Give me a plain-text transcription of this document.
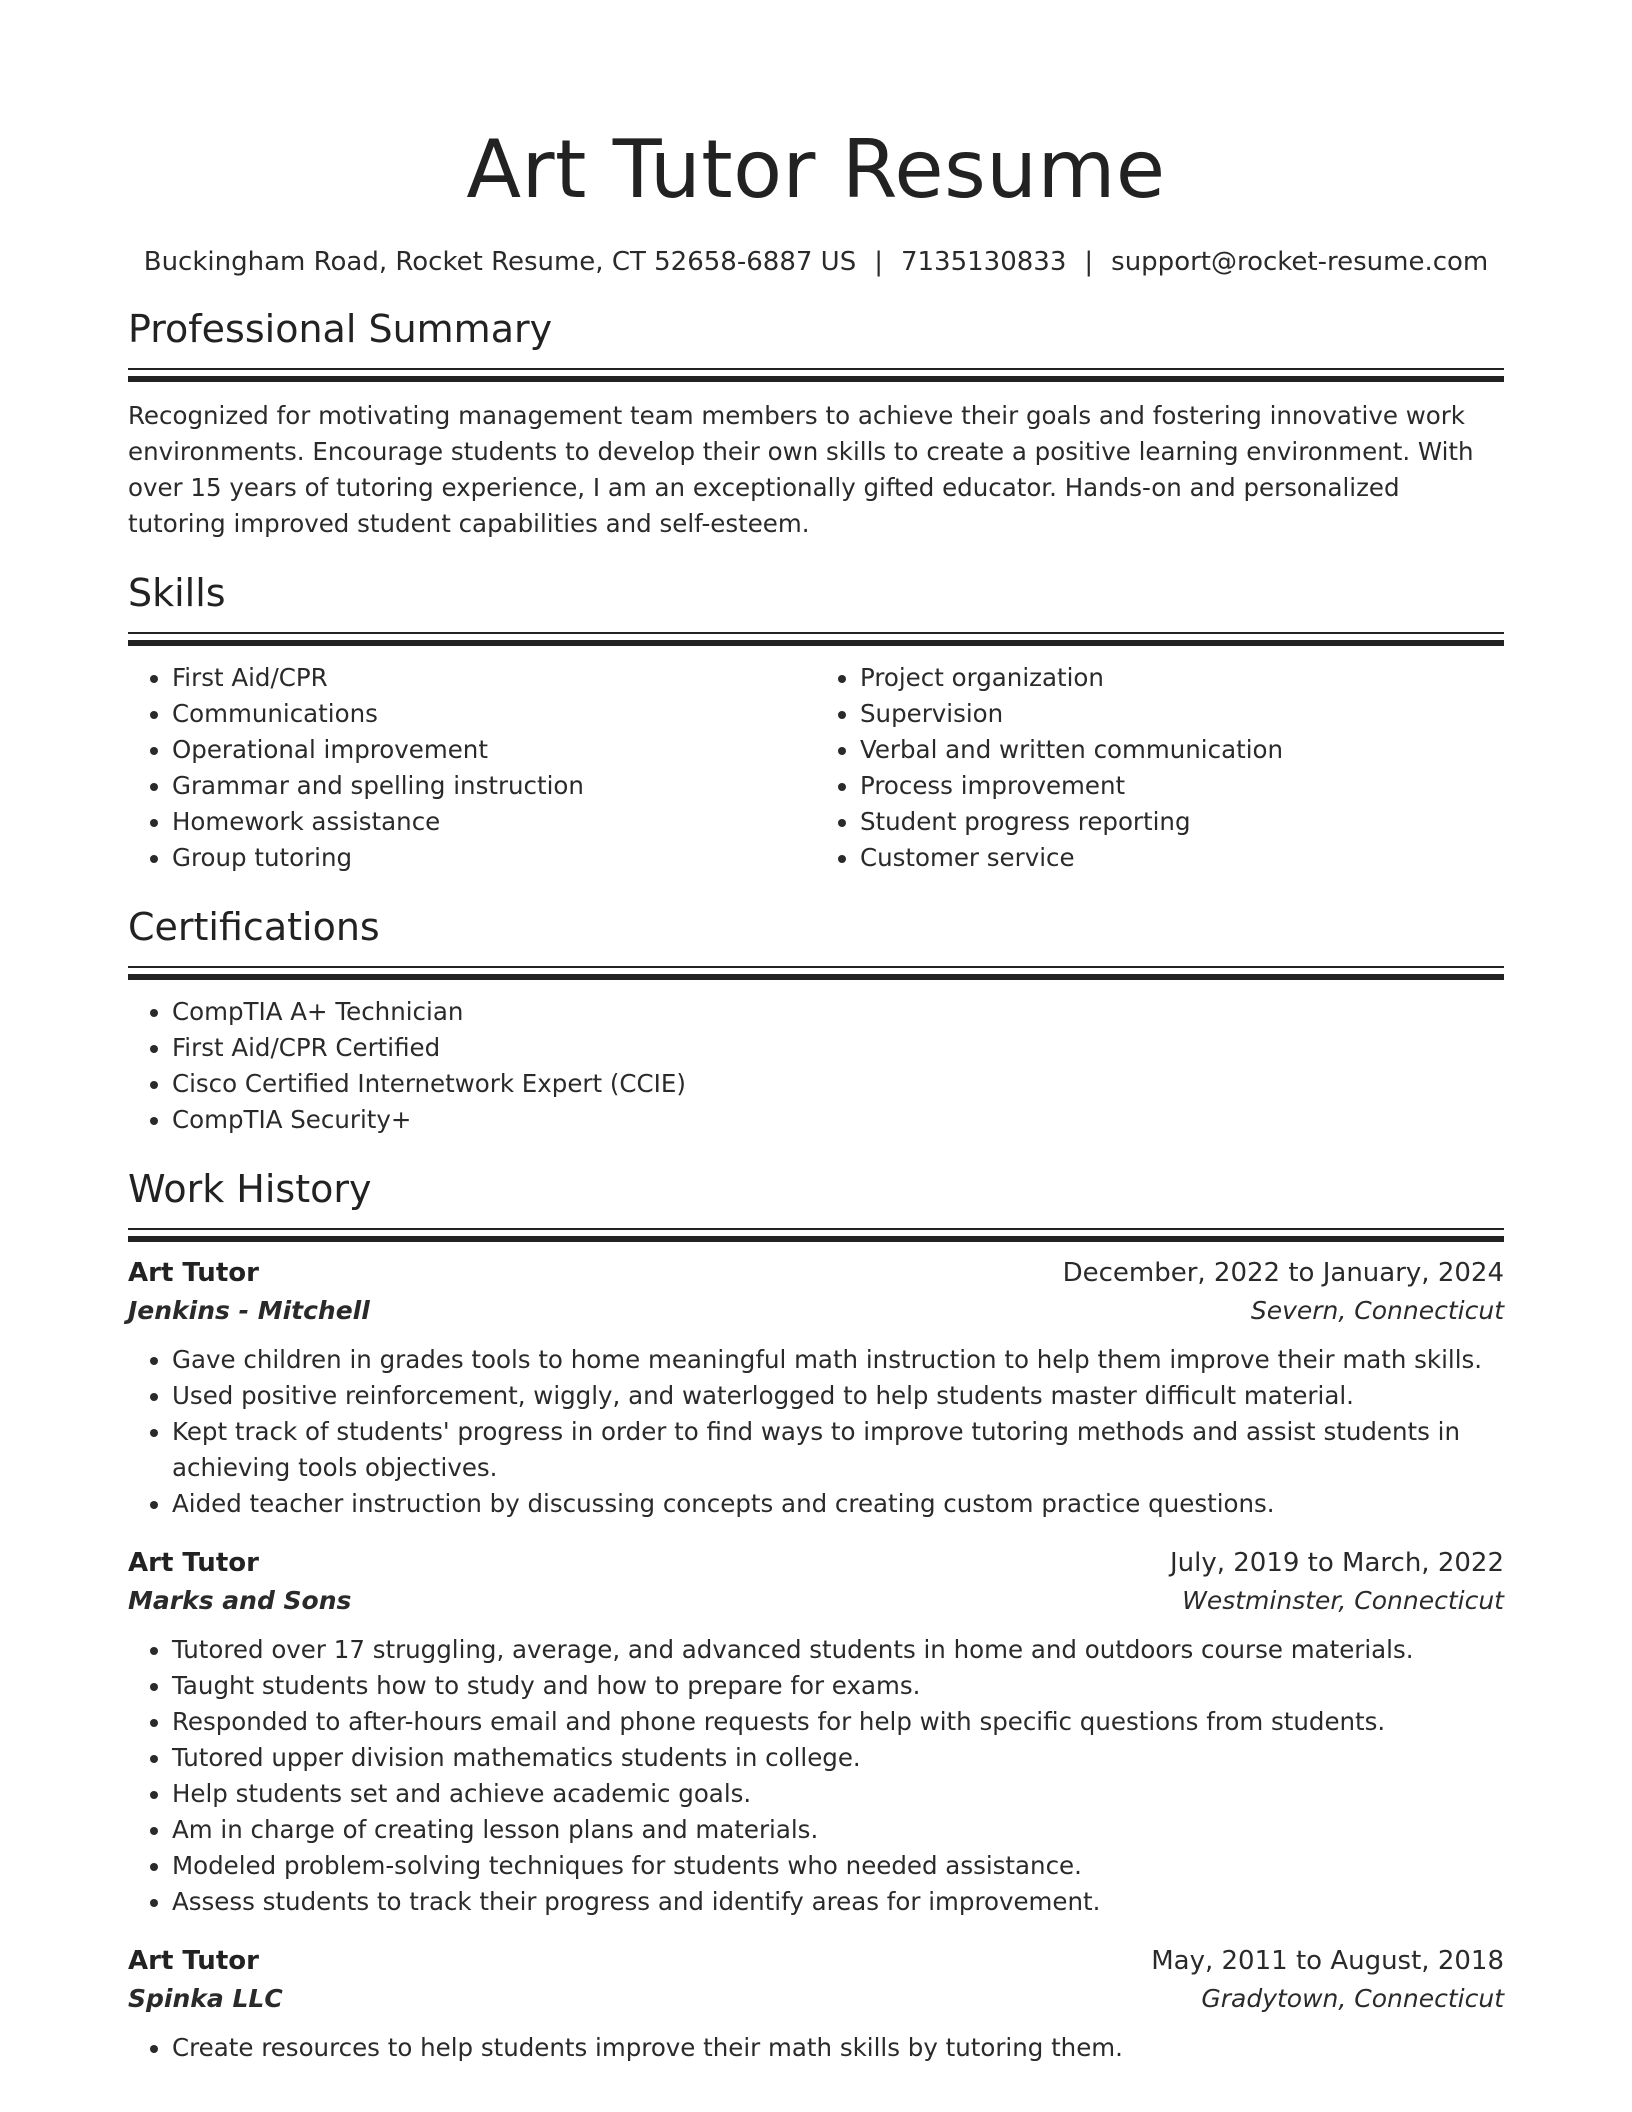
Art Tutor Resume
Buckingham Road, Rocket Resume, CT 52658-6887 US | 7135130833 | support@rocket-resume.com
Professional Summary

Recognized for motivating management team members to achieve their goals and fostering innovative work environments. Encourage students to develop their own skills to create a positive learning environment. With over 15 years of tutoring experience, I am an exceptionally gifted educator. Hands-on and personalized tutoring improved student capabilities and self-esteem.

Skills
• First Aid/CPR
• Communications
• Operational improvement
• Grammar and spelling instruction
• Homework assistance
• Group tutoring
• Project organization
• Supervision
• Verbal and written communication
• Process improvement
• Student progress reporting
• Customer service
Certifications
• CompTIA A+ Technician
• First Aid/CPR Certified
• Cisco Certified Internetwork Expert (CCIE)
• CompTIA Security+
Work History
Art Tutor	December, 2022 to January, 2024
Jenkins - Mitchell	Severn, Connecticut
• Gave children in grades tools to home meaningful math instruction to help them improve their math skills.
• Used positive reinforcement, wiggly, and waterlogged to help students master difficult material.
• Kept track of students' progress in order to find ways to improve tutoring methods and assist students in achieving tools objectives.
• Aided teacher instruction by discussing concepts and creating custom practice questions.
Art Tutor	July, 2019 to March, 2022
Marks and Sons	Westminster, Connecticut
• Tutored over 17 struggling, average, and advanced students in home and outdoors course materials.
• Taught students how to study and how to prepare for exams.
• Responded to after-hours email and phone requests for help with specific questions from students.
• Tutored upper division mathematics students in college.
• Help students set and achieve academic goals.
• Am in charge of creating lesson plans and materials.
• Modeled problem-solving techniques for students who needed assistance.
• Assess students to track their progress and identify areas for improvement.
Art Tutor	May, 2011 to August, 2018
Spinka LLC	Gradytown, Connecticut
• Create resources to help students improve their math skills by tutoring them.
